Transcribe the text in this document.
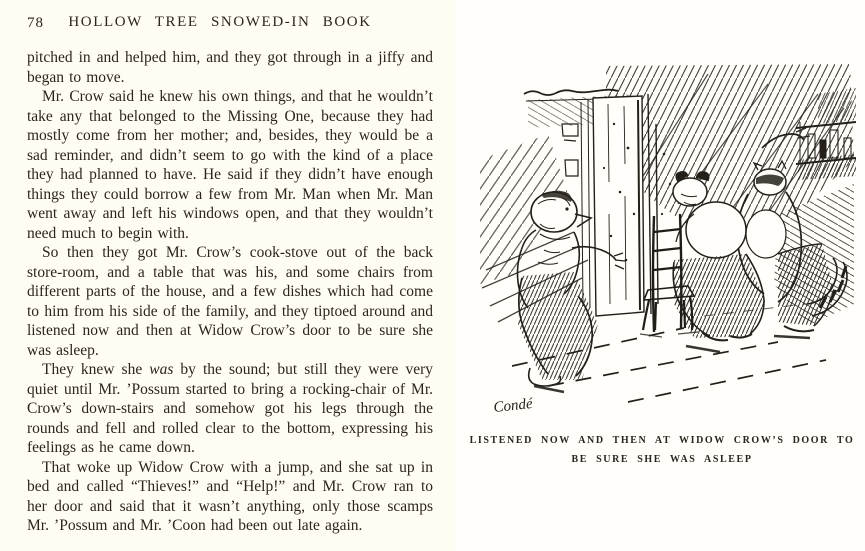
78	HOLLOW TREE SNOWED-IN BOOK

pitched in and helped him, and they got through in a jiffy and began to move.

Mr. Crow said he knew his own things, and that he wouldn’t take any that belonged to the Missing One, because they had mostly come from her mother; and, besides, they would be a sad reminder, and didn’t seem to go with the kind of a place they had planned to have. He said if they didn’t have enough things they could borrow a few from Mr. Man when Mr. Man went away and left his windows open, and that they wouldn’t need much to begin with.

So then they got Mr. Crow’s cook-stove out of the back store-room, and a table that was his, and some chairs from different parts of the house, and a few dishes which had come to him from his side of the family, and they tiptoed around and listened now and then at Widow Crow’s door to be sure she was asleep.

They knew she was by the sound; but still they were very quiet until Mr. ’Possum started to bring a rocking-chair of Mr. Crow’s down-stairs and somehow got his legs through the rounds and fell and rolled clear to the bottom, expressing his feelings as he came down.

That woke up Widow Crow with a jump, and she sat up in bed and called “Thieves!” and “Help!” and Mr. Crow ran to her door and said that it wasn’t anything, only those scamps Mr. ’Possum and Mr. ’Coon had been out late again.

Condé
LISTENED NOW AND THEN AT WIDOW CROW’S DOOR TO
BE SURE SHE WAS ASLEEP
